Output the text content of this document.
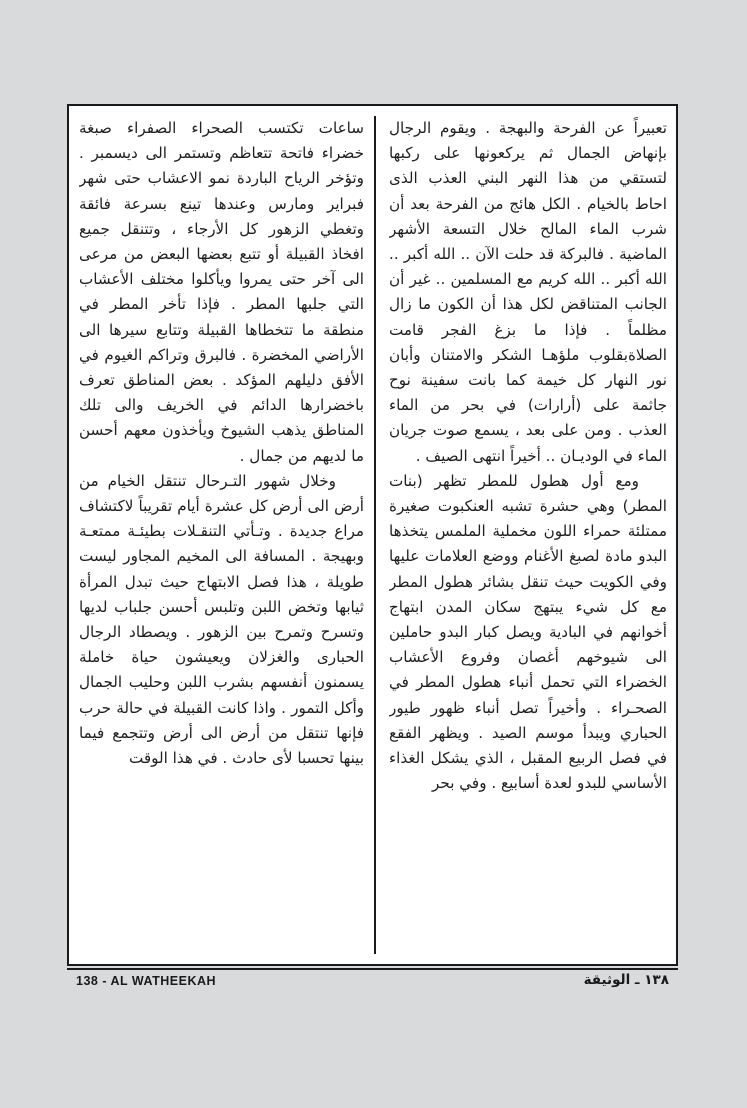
تعبيراً عن الفرحة والبهجة . ويقوم الرجال بإنهاض الجمال ثم يركعونها على ركبها لتستقي من هذا النهر البني العذب الذى احاط بالخيام . الكل هائج من الفرحة بعد أن شرب الماء المالح خلال التسعة الأشهر الماضية . فالبركة قد حلت الآن .. الله أكبر .. الله أكبر .. الله كريم مع المسلمين .. غير أن الجانب المتناقض لكل هذا أن الكون ما زال مظلماً . فإذا ما بزغ الفجر قامت الصلاةبقلوب ملؤهـا الشكر والامتنان وأبان نور النهار كل خيمة كما بانت سفينة نوح جاثمة على (أرارات) في بحر من الماء العذب . ومن على بعد ، يسمع صوت جريان الماء في الوديـان .. أخيراً انتهى الصيف .

ومع أول هطول للمطر تظهر (بنات المطر) وهي حشرة تشبه العنكبوت صغيرة ممتلئة حمراء اللون مخملية الملمس يتخذها البدو مادة لصبغ الأغنام ووضع العلامات عليها وفي الكويت حيث تنقل بشائر هطول المطر مع كل شيء يبتهج سكان المدن ابتهاج أخوانهم في البادية ويصل كبار البدو حاملين الى شيوخهم أغصان وفروع الأعشاب الخضراء التي تحمل أنباء هطول المطر في الصحـراء . وأخيراً تصل أنباء ظهور طيور الحباري ويبدأ موسم الصيد . ويظهر الفقع في فصل الربيع المقبل ، الذي يشكل الغذاء الأساسي للبدو لعدة أسابيع . وفي بحر

ساعات تكتسب الصحراء الصفراء صبغة خضراء فاتحة تتعاظم وتستمر الى ديسمبر . وتؤخر الرياح الباردة نمو الاعشاب حتى شهر فبراير ومارس وعندها تينع بسرعة فائقة وتغطي الزهور كل الأرجاء ، وتتنقل جميع افخاذ القبيلة أو تتبع بعضها البعض من مرعى الى آخر حتى يمروا ويأكلوا مختلف الأعشاب التي جلبها المطر . فإذا تأخر المطر في منطقة ما تتخطاها القبيلة وتتابع سيرها الى الأراضي المخضرة . فالبرق وتراكم الغيوم في الأفق دليلهم المؤكد . بعض المناطق تعرف باخضرارها الدائم في الخريف والى تلك المناطق يذهب الشيوخ ويأخذون معهم أحسن ما لديهم من جمال .

وخلال شهور التـرحال تنتقل الخيام من أرض الى أرض كل عشرة أيام تقريباً لاكتشاف مراع جديدة . وتـأتي التنقـلات بطيئـة ممتعـة وبهيجة . المسافة الى المخيم المجاور ليست طويلة ، هذا فصل الابتهاج حيث تبدل المرأة ثيابها وتخض اللبن وتلبس أحسن جلباب لديها وتسرح وتمرح بين الزهور . ويصطاد الرجال الحبارى والغزلان ويعيشون حياة خاملة يسمنون أنفسهم بشرب اللبن وحليب الجمال وأكل التمور . واذا كانت القبيلة في حالة حرب فإنها تنتقل من أرض الى أرض وتتجمع فيما بينها تحسبا لأى حادث . في هذا الوقت

138 - AL WATHEEKAH	١٣٨ ـ الوثيقة
